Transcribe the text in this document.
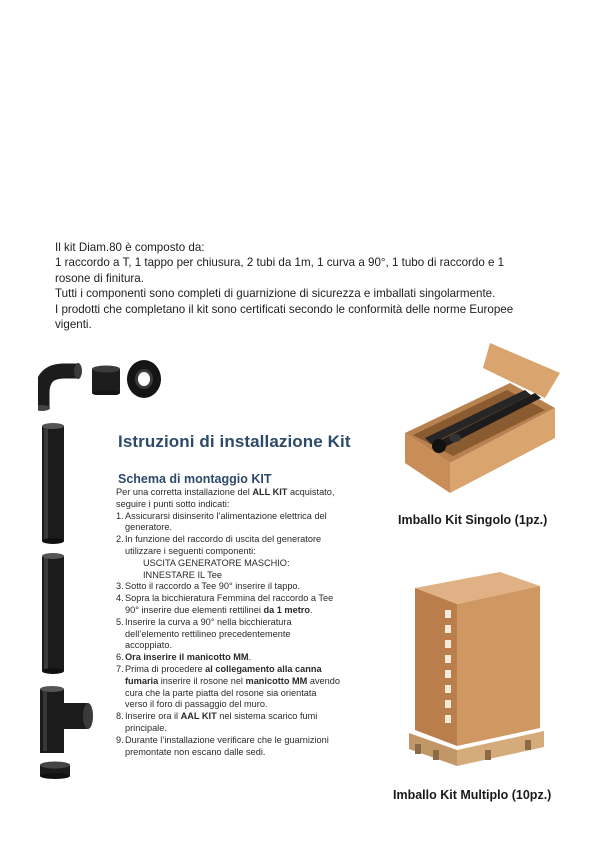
Il kit Diam.80 è composto da:

1 raccordo a T, 1 tappo per chiusura, 2 tubi da 1m, 1 curva a 90°, 1 tubo di raccordo e 1

rosone di finitura.

Tutti i componenti sono completi di guarnizione di sicurezza e imballati singolarmente.

I prodotti che completano il kit sono certificati secondo le conformità delle norme Europee

vigenti.

Istruzioni di installazione Kit
Schema di montaggio KIT
Per una corretta installazione del ALL KIT acquistato,
seguire i punti sotto indicati:
1. Assicurarsi disinserito l’alimentazione elettrica del
generatore.
2. In funzione del raccordo di uscita del generatore
utilizzare i seguenti componenti:
USCITA GENERATORE MASCHIO:
INNESTARE IL Tee
3. Sotto il raccordo a Tee 90° inserire il tappo.
4. Sopra la bicchieratura Femmina del raccordo a Tee
90° inserire due elementi rettilinei da 1 metro.
5. Inserire la curva a 90° nella bicchieratura
dell’elemento rettilineo precedentemente
accoppiato.
6. Ora inserire il manicotto MM.
7. Prima di procedere al collegamento alla canna
fumaria inserire il rosone nel manicotto MM avendo
cura che la parte piatta del rosone sia orientata
verso il foro di passaggio del muro.
8. Inserire ora il AAL KIT nel sistema scarico fumi
principale.
9. Durante l’installazione verificare che le guarnizioni
premontate non escano dalle sedi.
Imballo Kit Singolo (1pz.)
Imballo Kit Multiplo (10pz.)
